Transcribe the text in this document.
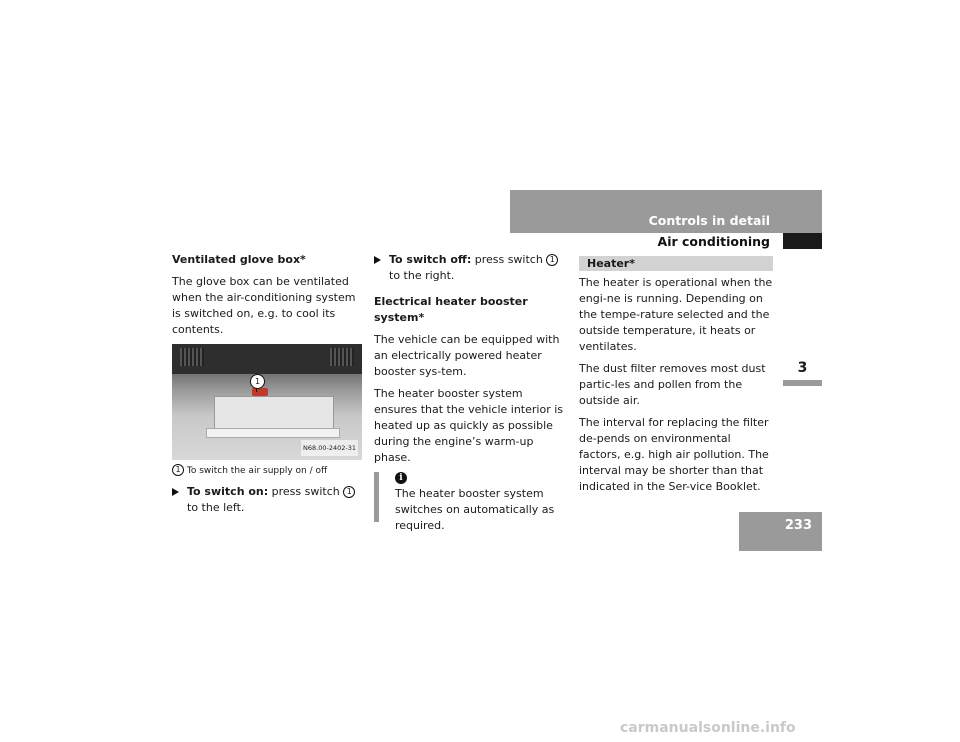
Controls in detail
Air conditioning
3
233

Ventilated glove box*

The glove box can be ventilated when the air-conditioning system is switched on, e.g. to cool its contents.

1
N68.00-2402-31

1 To switch the air supply on / off

To switch on: press switch 1 to the left.

To switch off: press switch 1 to the right.

Electrical heater booster system*

The vehicle can be equipped with an electrically powered heater booster sys-tem.

The heater booster system ensures that the vehicle interior is heated up as quickly as possible during the engine’s warm-up phase.

i
The heater booster system switches on automatically as required.
Heater*

The heater is operational when the engi-ne is running. Depending on the tempe-rature selected and the outside temperature, it heats or ventilates.

The dust filter removes most dust partic-les and pollen from the outside air.

The interval for replacing the filter de-pends on environmental factors, e.g. high air pollution. The interval may be shorter than that indicated in the Ser-vice Booklet.

carmanualsonline.info
